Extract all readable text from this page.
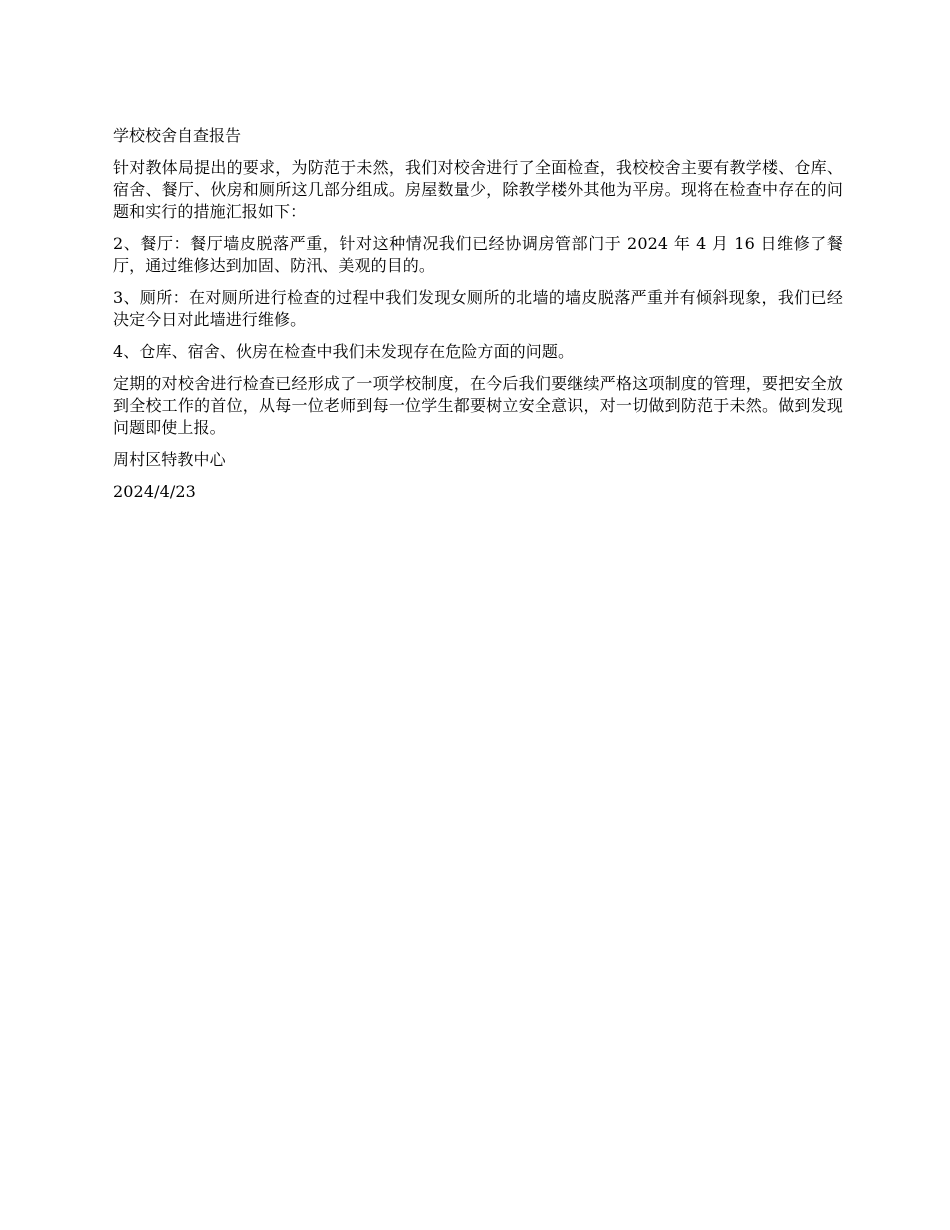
学校校舍自查报告

针对教体局提出的要求，为防范于未然，我们对校舍进行了全面检查，我校校舍主要有教学楼、仓库、宿舍、餐厅、伙房和厕所这几部分组成。房屋数量少，除教学楼外其他为平房。现将在检查中存在的问题和实行的措施汇报如下：

2、餐厅：餐厅墙皮脱落严重，针对这种情况我们已经协调房管部门于 2024 年 4 月 16 日维修了餐厅，通过维修达到加固、防汛、美观的目的。

3、厕所：在对厕所进行检查的过程中我们发现女厕所的北墙的墙皮脱落严重并有倾斜现象，我们已经决定今日对此墙进行维修。

4、仓库、宿舍、伙房在检查中我们未发现存在危险方面的问题。

定期的对校舍进行检查已经形成了一项学校制度，在今后我们要继续严格这项制度的管理，要把安全放到全校工作的首位，从每一位老师到每一位学生都要树立安全意识，对一切做到防范于未然。做到发现问题即使上报。

周村区特教中心

2024/4/23
